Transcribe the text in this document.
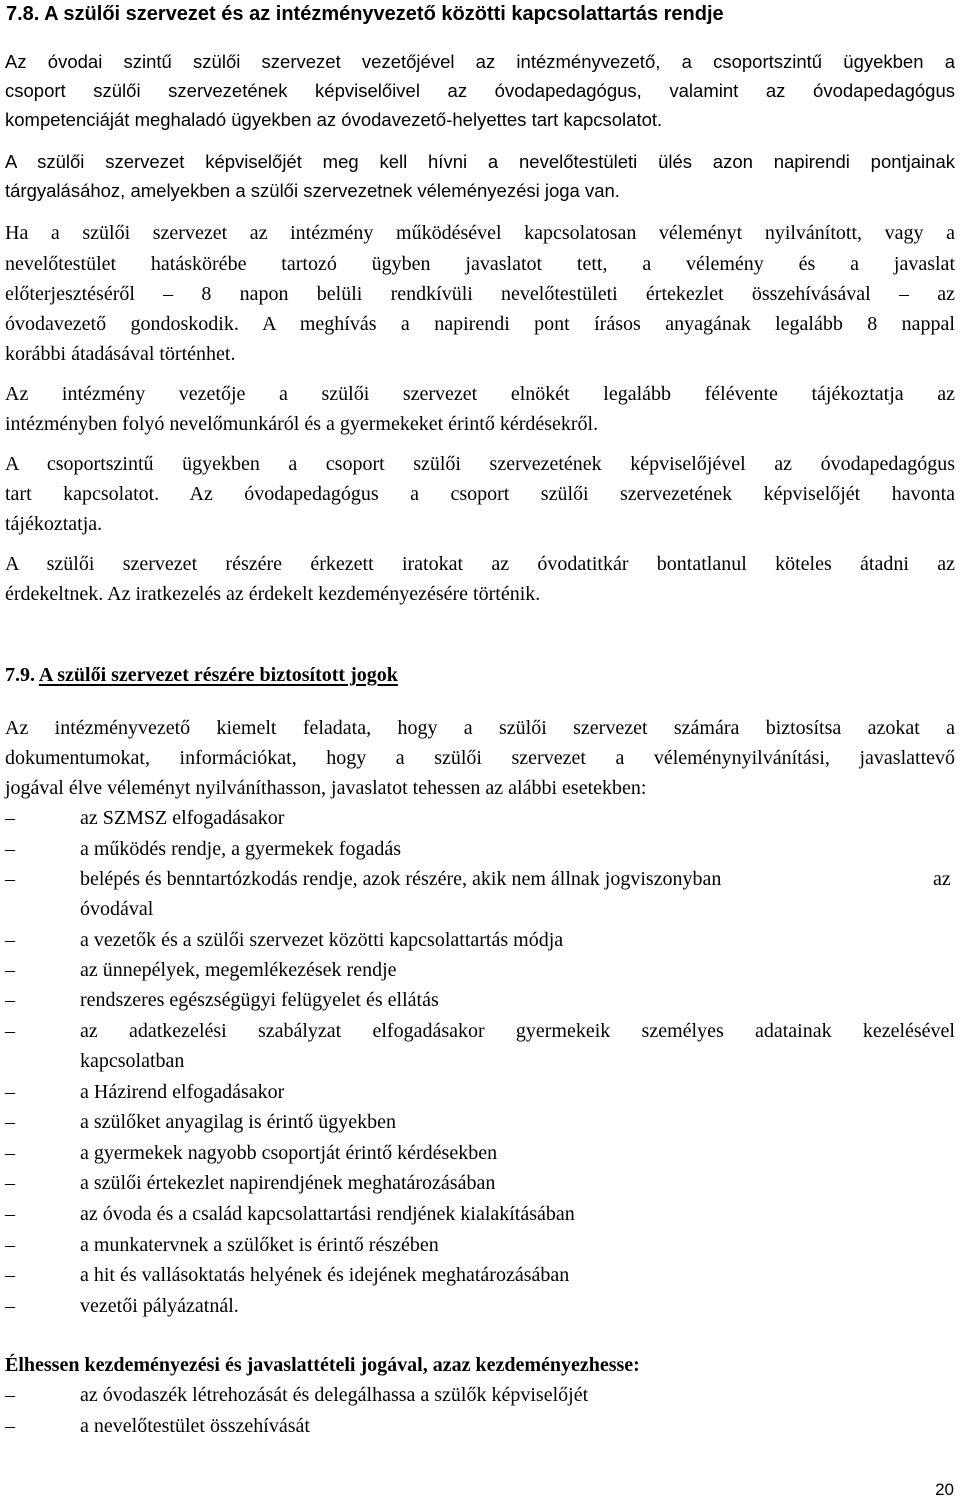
7.8. A szülői szervezet és az intézményvezető közötti kapcsolattartás rendje
Az óvodai szintű szülői szervezet vezetőjével az intézményvezető, a csoportszintű ügyekben a
csoport szülői szervezetének képviselőivel az óvodapedagógus, valamint az óvodapedagógus
kompetenciáját meghaladó ügyekben az óvodavezető-helyettes tart kapcsolatot.
A szülői szervezet képviselőjét meg kell hívni a nevelőtestületi ülés azon napirendi pontjainak
tárgyalásához, amelyekben a szülői szervezetnek véleményezési joga van.
Ha a szülői szervezet az intézmény működésével kapcsolatosan véleményt nyilvánított, vagy a
nevelőtestület hatáskörébe tartozó ügyben javaslatot tett, a vélemény és a javaslat
előterjesztéséről – 8 napon belüli rendkívüli nevelőtestületi értekezlet összehívásával – az
óvodavezető gondoskodik. A meghívás a napirendi pont írásos anyagának legalább 8 nappal
korábbi átadásával történhet.
Az intézmény vezetője a szülői szervezet elnökét legalább félévente tájékoztatja az
intézményben folyó nevelőmunkáról és a gyermekeket érintő kérdésekről.
A csoportszintű ügyekben a csoport szülői szervezetének képviselőjével az óvodapedagógus
tart kapcsolatot. Az óvodapedagógus a csoport szülői szervezetének képviselőjét havonta
tájékoztatja.
A szülői szervezet részére érkezett iratokat az óvodatitkár bontatlanul köteles átadni az
érdekeltnek. Az iratkezelés az érdekelt kezdeményezésére történik.
7.9. A szülői szervezet részére biztosított jogok
Az intézményvezető kiemelt feladata, hogy a szülői szervezet számára biztosítsa azokat a
dokumentumokat, információkat, hogy a szülői szervezet a véleménynyilvánítási, javaslattevő
jogával élve véleményt nyilváníthasson, javaslatot tehessen az alábbi esetekben:
–	az SZMSZ elfogadásakor
–	a működés rendje, a gyermekek fogadás
–	belépés és benntartózkodás rendje, azok részére, akik nem állnak jogviszonyban	az
óvodával
–	a vezetők és a szülői szervezet közötti kapcsolattartás módja
–	az ünnepélyek, megemlékezések rendje
–	rendszeres egészségügyi felügyelet és ellátás
–	az adatkezelési szabályzat elfogadásakor gyermekeik személyes adatainak kezelésével
kapcsolatban
–	a Házirend elfogadásakor
–	a szülőket anyagilag is érintő ügyekben
–	a gyermekek nagyobb csoportját érintő kérdésekben
–	a szülői értekezlet napirendjének meghatározásában
–	az óvoda és a család kapcsolattartási rendjének kialakításában
–	a munkatervnek a szülőket is érintő részében
–	a hit és vallásoktatás helyének és idejének meghatározásában
–	vezetői pályázatnál.
Élhessen kezdeményezési és javaslattételi jogával, azaz kezdeményezhesse:
–	az óvodaszék létrehozását és delegálhassa a szülők képviselőjét
–	a nevelőtestület összehívását
20
